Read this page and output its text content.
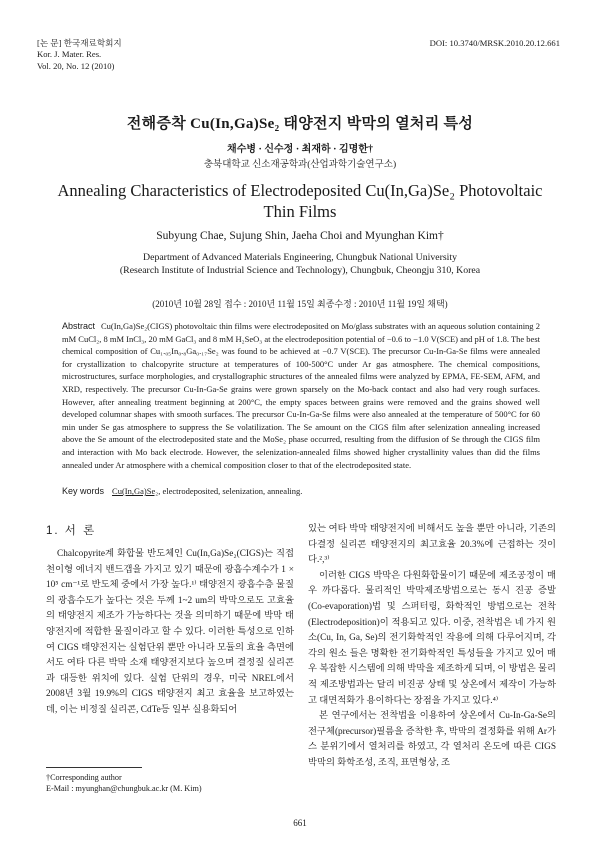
[논 문] 한국재료학회지
Kor. J. Mater. Res.
Vol. 20, No. 12 (2010)
DOI: 10.3740/MRSK.2010.20.12.661
전해증착 Cu(In,Ga)Se₂ 태양전지 박막의 열처리 특성
채수병 · 신수정 · 최재하 · 김명한†
충북대학교 신소재공학과(산업과학기술연구소)
Annealing Characteristics of Electrodeposited Cu(In,Ga)Se₂ Photovoltaic Thin Films
Subyung Chae, Sujung Shin, Jaeha Choi and Myunghan Kim†
Department of Advanced Materials Engineering, Chungbuk National University
(Research Institute of Industrial Science and Technology), Chungbuk, Cheongju 310, Korea
(2010년 10월 28일 접수 : 2010년 11월 15일 최종수정 : 2010년 11월 19일 채택)
Abstract Cu(In,Ga)Se₂(CIGS) photovoltaic thin films were electrodeposited on Mo/glass substrates with an aqueous solution containing 2 mM CuCl₂, 8 mM InCl₃, 20 mM GaCl₃ and 8 mM H₂SeO₃ at the electrodeposition potential of −0.6 to −1.0 V(SCE) and pH of 1.8. The best chemical composition of Cu₁.₀₅In₀.₈Ga₀.₁₇Se₂ was found to be achieved at −0.7 V(SCE). The precursor Cu-In-Ga-Se films were annealed for crystallization to chalcopyrite structure at temperatures of 100-500°C under Ar gas atmosphere. The chemical compositions, microstructures, surface morphologies, and crystallographic structures of the annealed films were analyzed by EPMA, FE-SEM, AFM, and XRD, respectively. The precursor Cu-In-Ga-Se grains were grown sparsely on the Mo-back contact and also had very rough surfaces. However, after annealing treatment beginning at 200°C, the empty spaces between grains were removed and the grains showed well developed columnar shapes with smooth surfaces. The precursor Cu-In-Ga-Se films were also annealed at the temperature of 500°C for 60 min under Se gas atmosphere to suppress the Se volatilization. The Se amount on the CIGS film after selenization annealing increased above the Se amount of the electrodeposited state and the MoSe₂ phase occurred, resulting from the diffusion of Se through the CIGS film and interaction with Mo back electrode. However, the selenization-annealed films showed higher crystallinity values than did the films annealed under Ar atmosphere with a chemical composition closer to that of the electrodeposited state.
Key words Cu(In,Ga)Se₂, electrodeposited, selenization, annealing.
1. 서 론

Chalcopyrite계 화합물 반도체인 Cu(In,Ga)Se₂(CIGS)는 직접천이형 에너지 밴드갭을 가지고 있기 때문에 광흡수계수가 1 × 10⁵ cm⁻¹로 반도체 중에서 가장 높다.¹⁾ 태양전지 광흡수층 물질의 광흡수도가 높다는 것은 두께 1~2 um의 박막으로도 고효율의 태양전지 제조가 가능하다는 것을 의미하기 때문에 박막 태양전지에 적합한 물질이라고 할 수 있다. 이러한 특성으로 인하여 CIGS 태양전지는 실험단위 뿐만 아니라 모듈의 효율 측면에서도 여타 다른 박막 소재 태양전지보다 높으며 결정질 실리콘과 대등한 위치에 있다. 실험 단위의 경우, 미국 NREL에서 2008년 3월 19.9%의 CIGS 태양전지 최고 효율을 보고하였는데, 이는 비정질 실리콘, CdTe등 일부 실용화되어

있는 여타 박막 태양전지에 비해서도 높을 뿐만 아니라, 기존의 다결정 실리콘 태양전지의 최고효율 20.3%에 근접하는 것이다.²,³⁾

이러한 CIGS 박막은 다원화합물이기 때문에 제조공정이 매우 까다롭다. 물리적인 박막제조방법으로는 동시 진공 증발(Co-evaporation)법 및 스퍼터링, 화학적인 방법으로는 전착(Electrodeposition)이 적용되고 있다. 이중, 전착법은 네 가지 원소(Cu, In, Ga, Se)의 전기화학적인 작용에 의해 다루어지며, 각각의 원소 들은 명확한 전기화학적인 특성들을 가지고 있어 매우 복잡한 시스템에 의해 박막을 제조하게 되며, 이 방법은 물리적 제조방법과는 달리 비진공 상태 및 상온에서 제작이 가능하고 대면적화가 용이하다는 장점을 가지고 있다.⁴⁾

본 연구에서는 전착법을 이용하여 상온에서 Cu-In-Ga-Se의 전구체(precursor)필름을 증착한 후, 박막의 결정화를 위해 Ar가스 분위기에서 열처리를 하였고, 각 열처리 온도에 따른 CIGS 박막의 화학조성, 조직, 표면형상, 조

†Corresponding author
E-Mail : myunghan@chungbuk.ac.kr (M. Kim)
661
